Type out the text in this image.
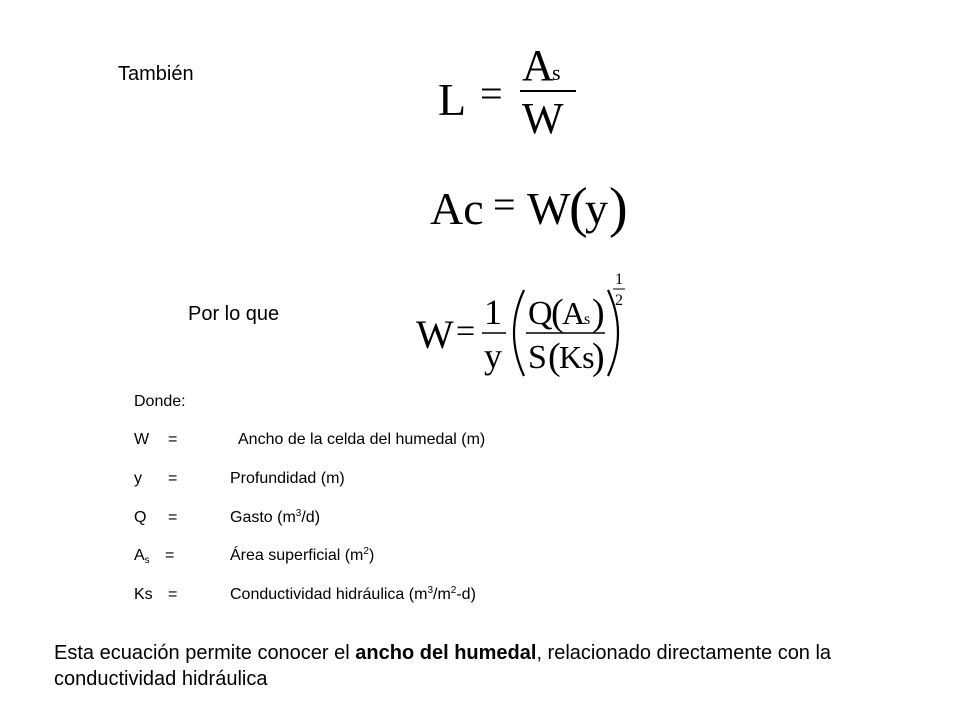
También
Por lo que
L =
A
s
W
Ac = W
(
y )
W = 1
y
Q
(
A
s )
S (
Ks
)
1
2
Donde:
W =	Ancho de la celda del humedal (m)
y =	Profundidad (m)
Q =	Gasto $(m^3/d)$
$A_s$ =	Área superficial $(m^2)$
Ks =	Conductividad hidráulica $(m^3/m^2-d)$
Esta ecuación permite conocer el ancho del humedal, relacionado directamente con la conductividad hidráulica
